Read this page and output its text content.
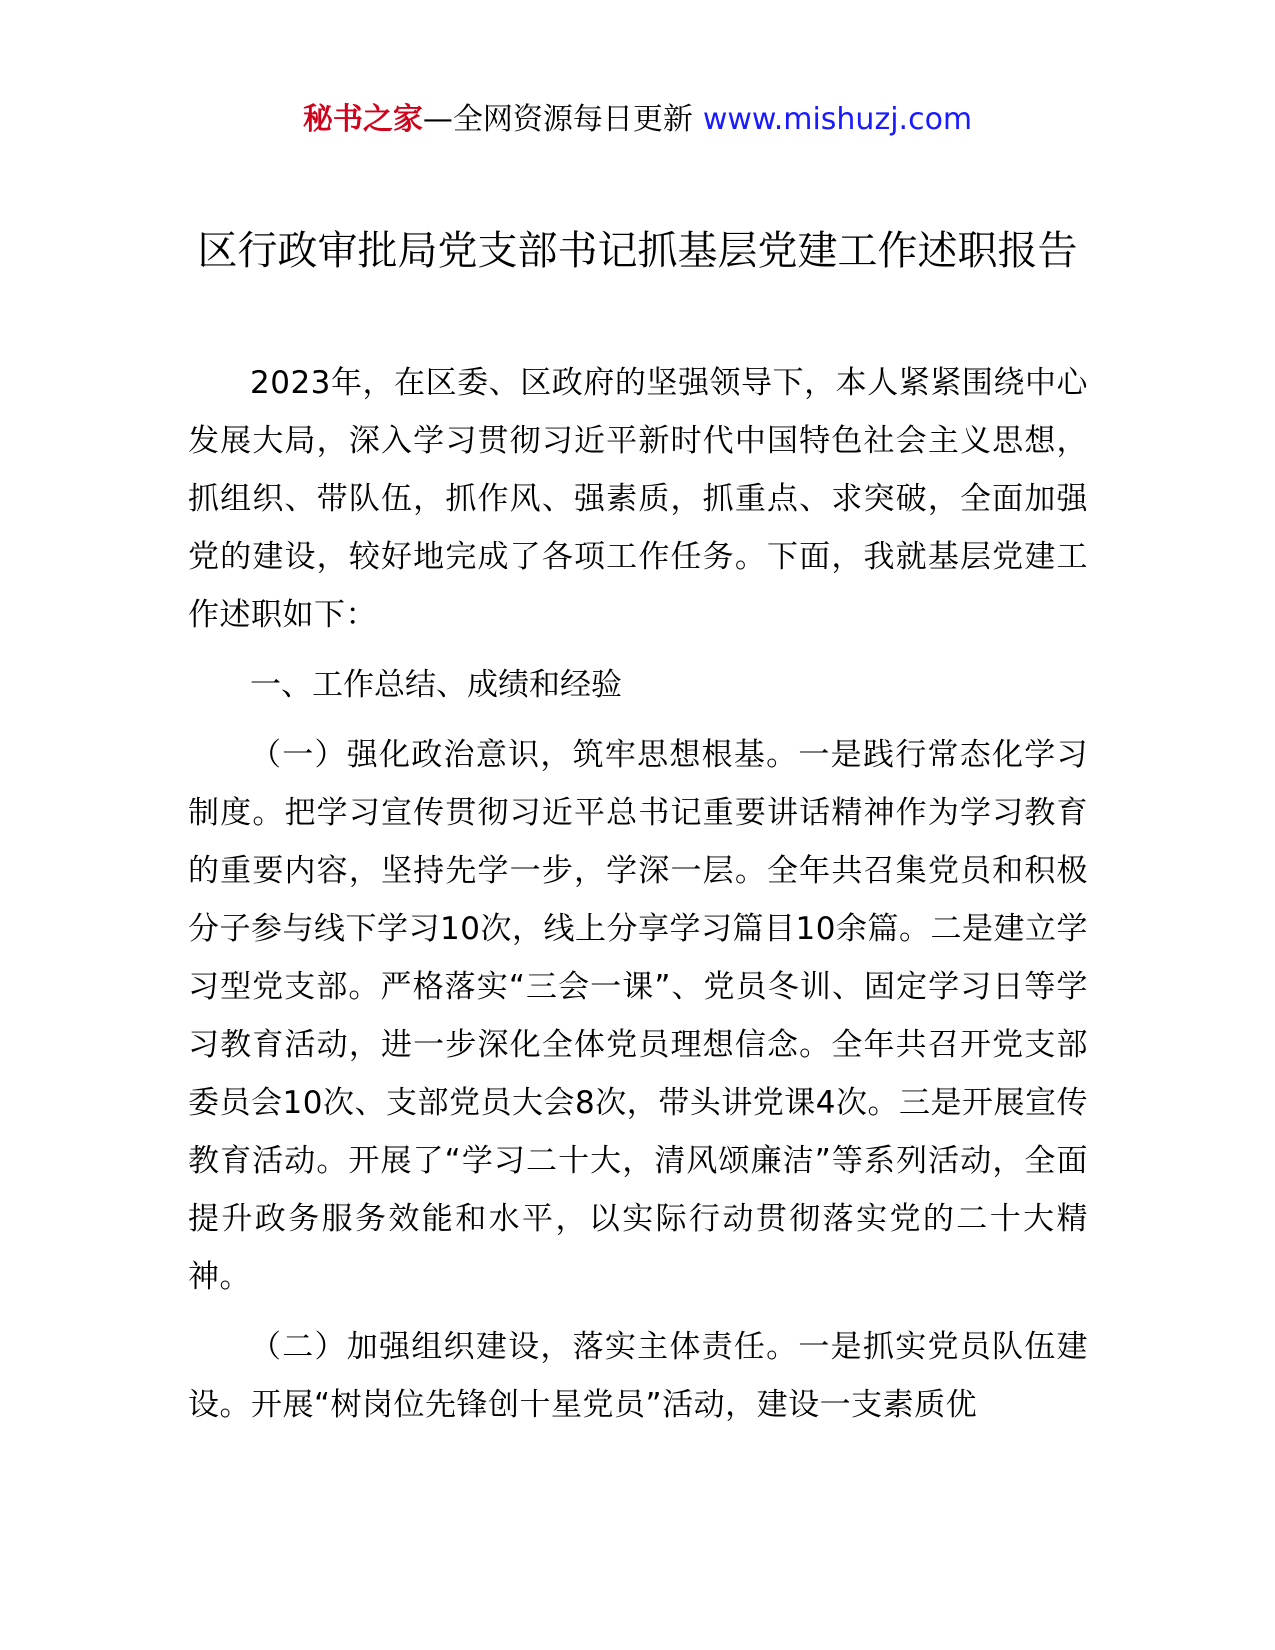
秘书之家—全网资源每日更新 www.mishuzj.com
区行政审批局党支部书记抓基层党建工作述职报告

2023年，在区委、区政府的坚强领导下，本人紧紧围绕中心发展大局，深入学习贯彻习近平新时代中国特色社会主义思想，抓组织、带队伍，抓作风、强素质，抓重点、求突破，全面加强党的建设，较好地完成了各项工作任务。下面，我就基层党建工作述职如下：

一、工作总结、成绩和经验

（一）强化政治意识，筑牢思想根基。一是践行常态化学习制度。把学习宣传贯彻习近平总书记重要讲话精神作为学习教育的重要内容，坚持先学一步，学深一层。全年共召集党员和积极分子参与线下学习10次，线上分享学习篇目10余篇。二是建立学习型党支部。严格落实“三会一课”、党员冬训、固定学习日等学习教育活动，进一步深化全体党员理想信念。全年共召开党支部委员会10次、支部党员大会8次，带头讲党课4次。三是开展宣传教育活动。开展了“学习二十大，清风颂廉洁”等系列活动，全面提升政务服务效能和水平，以实际行动贯彻落实党的二十大精神。

（二）加强组织建设，落实主体责任。一是抓实党员队伍建设。开展“树岗位先锋创十星党员”活动，建设一支素质优
